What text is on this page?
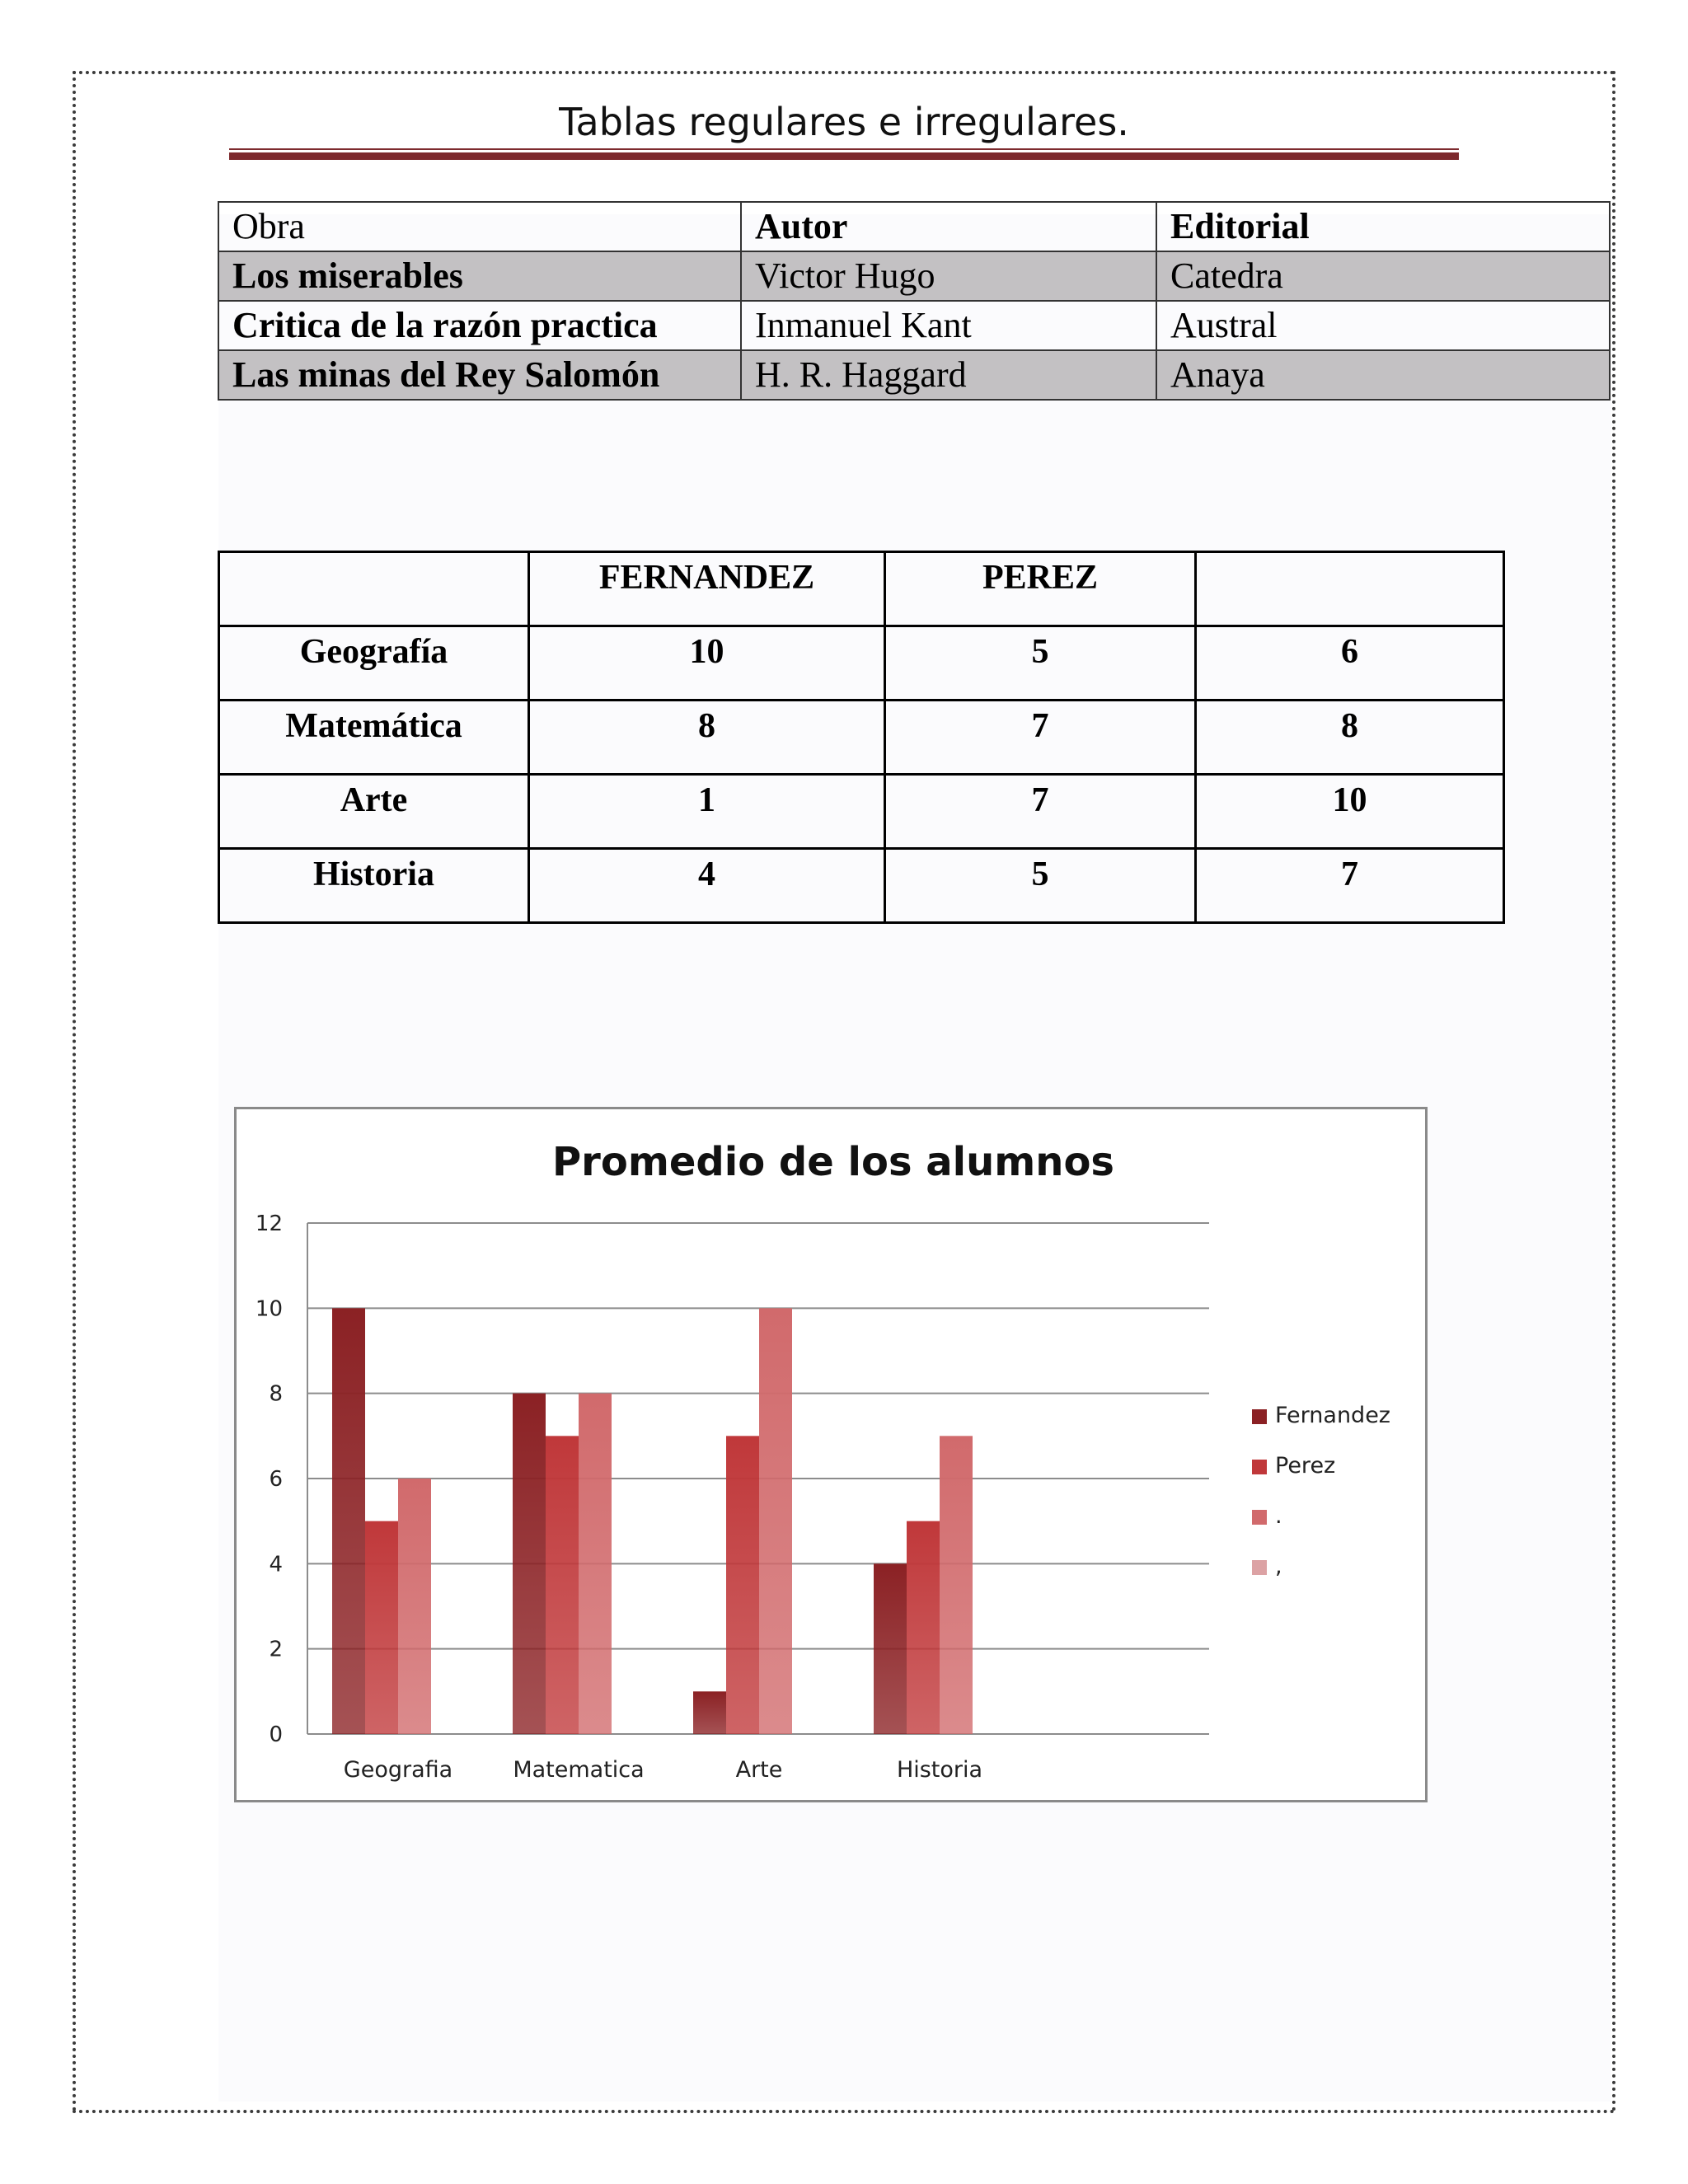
Tablas regulares e irregulares.
Obra	Autor	Editorial
Los miserables	Victor Hugo	Catedra
Critica de la razón practica	Inmanuel Kant	Austral
Las minas del Rey Salomón	H. R. Haggard	Anaya
	FERNANDEZ	PEREZ	
Geografía	10	5	6
Matemática	8	7	8
Arte	1	7	10
Historia	4	5	7
Promedio de los alumnos
0
2
4
6
8
10
12
Geografia	Matematica	Arte	Historia
Fernandez
Perez
.
,
